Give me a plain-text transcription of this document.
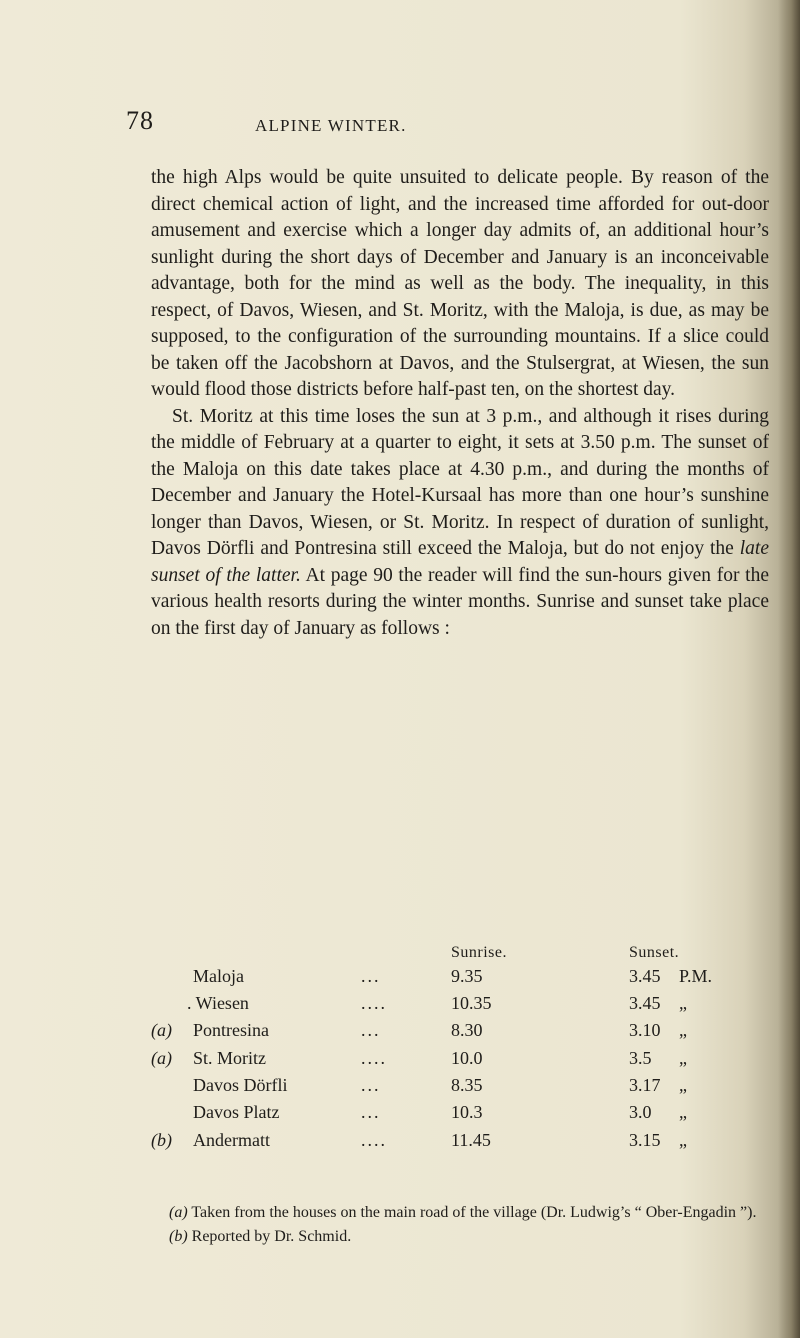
78	ALPINE WINTER.

the high Alps would be quite unsuited to delicate people. By reason of the direct chemical action of light, and the increased time afforded for out-door amusement and exercise which a longer day admits of, an additional hour’s sunlight during the short days of December and January is an inconceivable advantage, both for the mind as well as the body. The inequality, in this respect, of Davos, Wiesen, and St. Moritz, with the Maloja, is due, as may be supposed, to the configuration of the surrounding mountains. If a slice could be taken off the Jacobshorn at Davos, and the Stulsergrat, at Wiesen, the sun would flood those districts before half-past ten, on the shortest day.

St. Moritz at this time loses the sun at 3 p.m., and although it rises during the middle of February at a quarter to eight, it sets at 3.50 p.m. The sunset of the Maloja on this date takes place at 4.30 p.m., and during the months of December and January the Hotel-Kursaal has more than one hour’s sunshine longer than Davos, Wiesen, or St. Moritz. In respect of duration of sunlight, Davos Dörfli and Pontresina still exceed the Maloja, but do not enjoy the late sunset of the latter. At page 90 the reader will find the sun-hours given for the various health resorts during the winter months. Sunrise and sunset take place on the first day of January as follows :

Sunrise.	Sunset.
Maloja	...	9.35	3.45 P.M.
. Wiesen	....	10.35	3.45 „
(a)	Pontresina	...	8.30	3.10 „
(a)	St. Moritz	....	10.0	3.5 „
Davos Dörfli	...	8.35	3.17 „
Davos Platz	...	10.3	3.0 „
(b)	Andermatt	....	11.45	3.15 „

(a) Taken from the houses on the main road of the village (Dr. Ludwig’s “ Ober-Engadin ”).

(b) Reported by Dr. Schmid.
